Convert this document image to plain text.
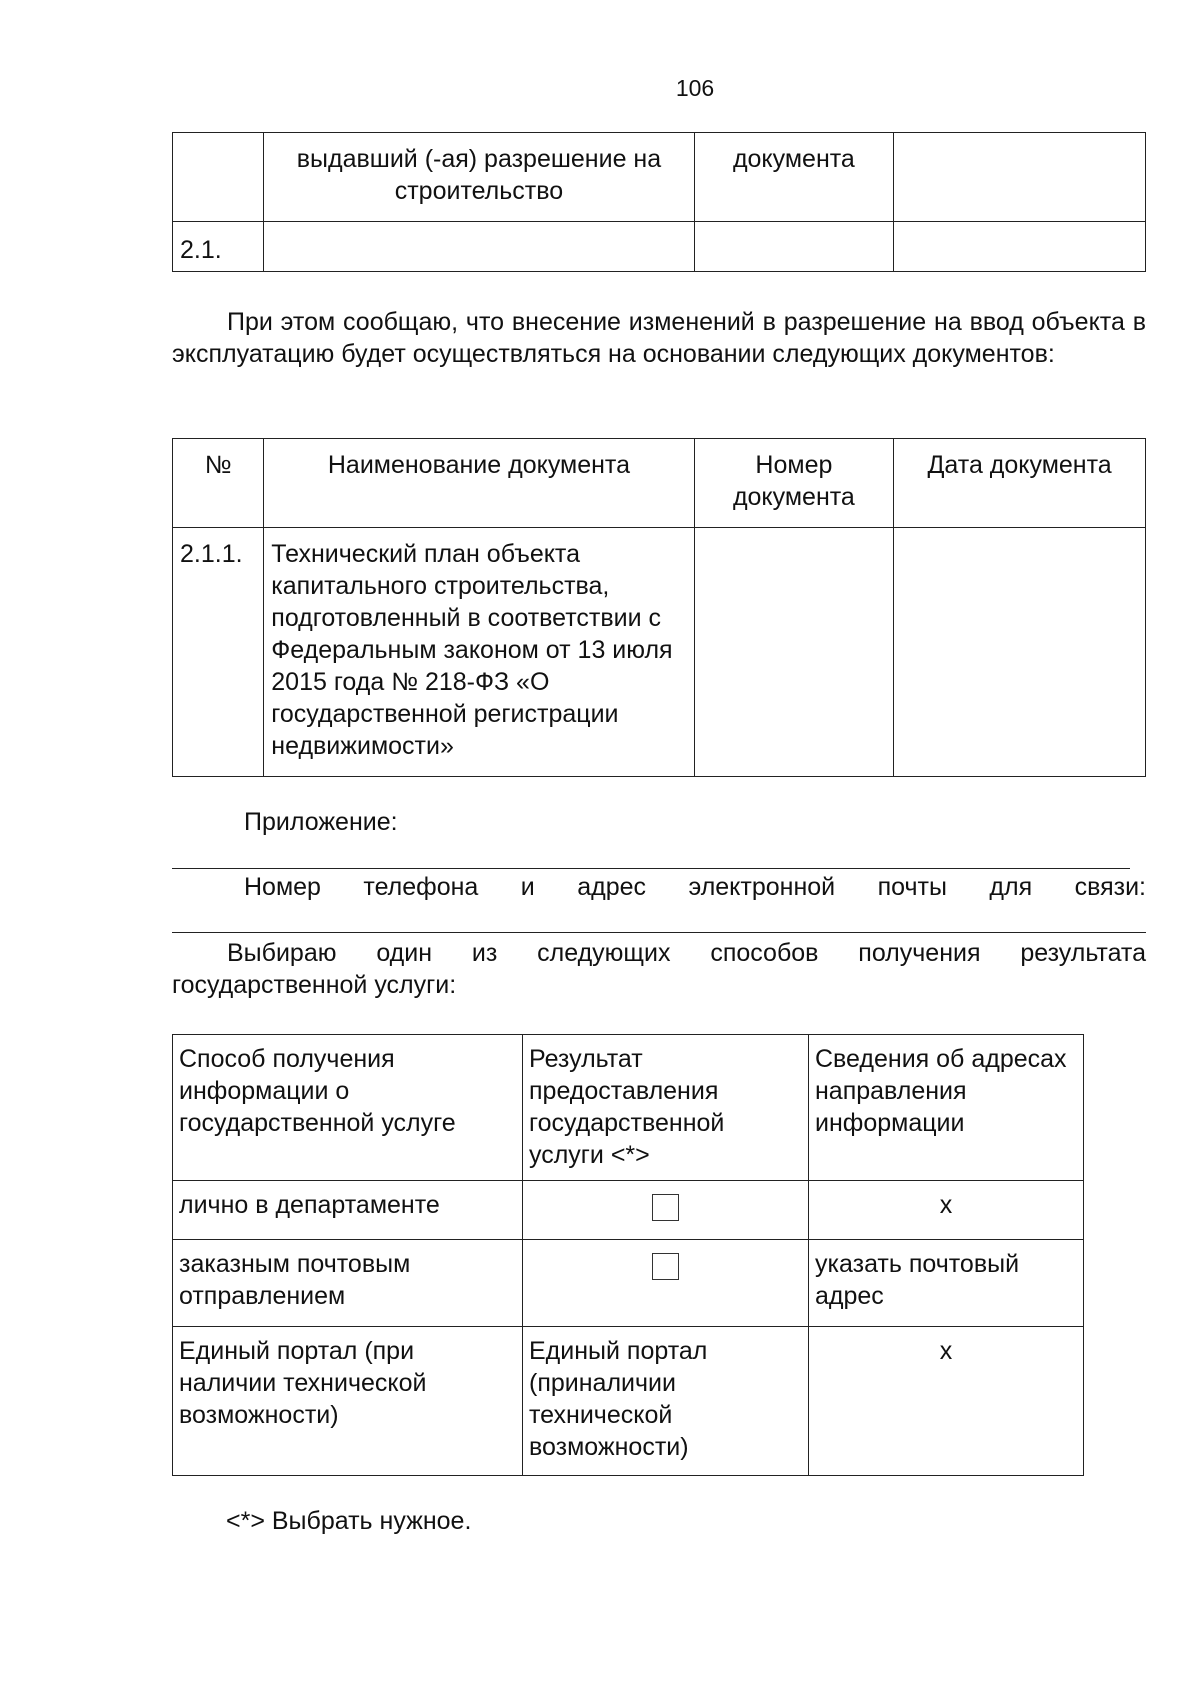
106
	выдавший (-ая) разрешение на строительство	документа	
2.1.			
При этом сообщаю, что внесение изменений в разрешение на ввод объекта в эксплуатацию будет осуществляться на основании следующих документов:
№	Наименование документа	Номер документа	Дата документа
2.1.1.	Технический план объекта капитального строительства, подготовленный в соответствии с Федеральным законом от 13 июля 2015 года № 218-ФЗ «О государственной регистрации недвижимости»		
Приложение:
Номер телефона и адрес электронной почты для связи:
Выбираю один из следующих способов получения результата государственной услуги:
Способ получения информации о государственной услуге	Результат предоставления государственной услуги <*>	Сведения об адресах направления информации
лично в департаменте		x
заказным почтовым отправлением		указать почтовый адрес
Единый портал (при наличии технической возможности)	Единый портал (приналичии технической возможности)	x
<*> Выбрать нужное.
